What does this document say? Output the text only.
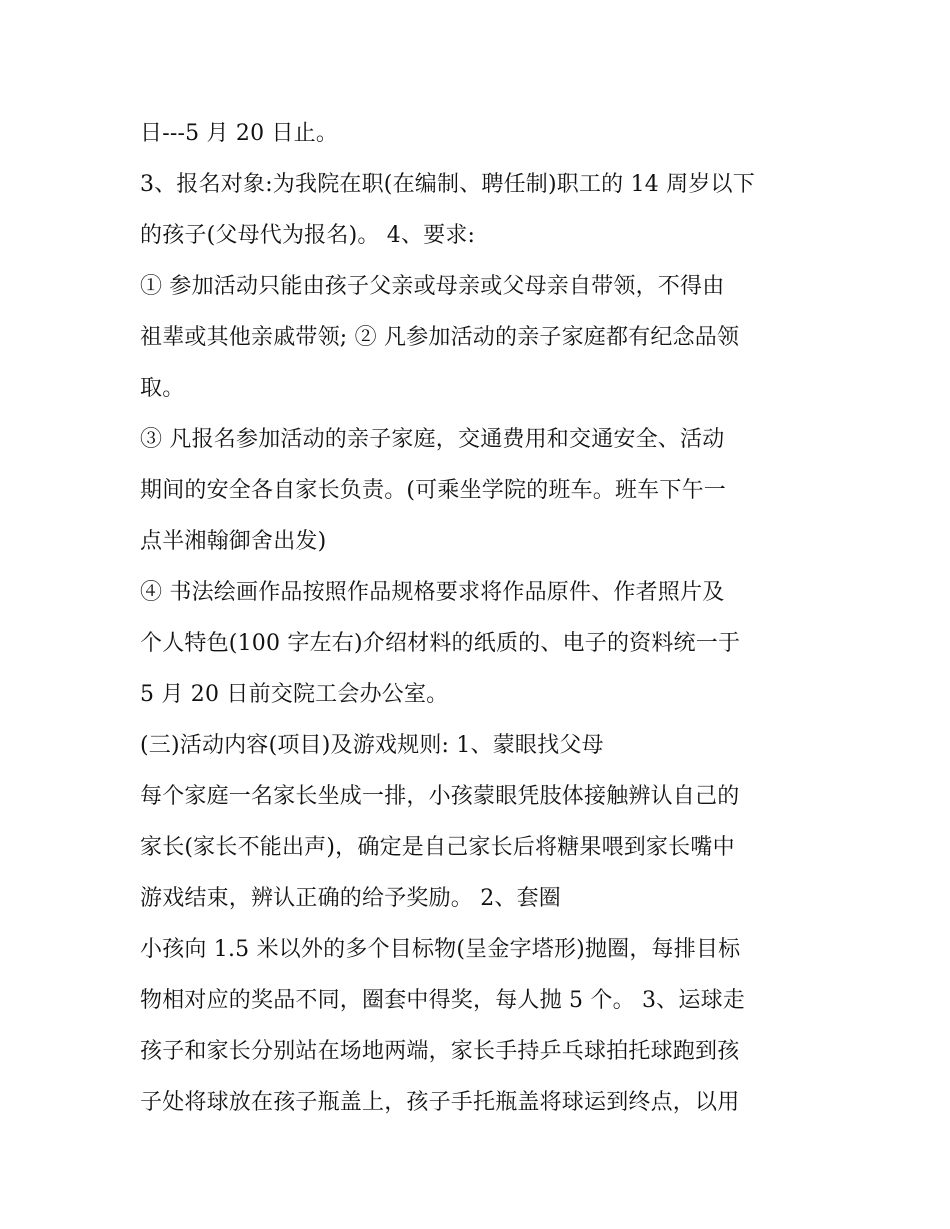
日---5 月 20 日止。
3、报名对象:为我院在职(在编制、聘任制)职工的 14 周岁以下
的孩子(父母代为报名)。 4、要求:
① 参加活动只能由孩子父亲或母亲或父母亲自带领，不得由
祖辈或其他亲戚带领; ② 凡参加活动的亲子家庭都有纪念品领
取。
③ 凡报名参加活动的亲子家庭，交通费用和交通安全、活动
期间的安全各自家长负责。(可乘坐学院的班车。班车下午一
点半湘翰御舍出发)
④ 书法绘画作品按照作品规格要求将作品原件、作者照片及
个人特色(100 字左右)介绍材料的纸质的、电子的资料统一于
5 月 20 日前交院工会办公室。
(三)活动内容(项目)及游戏规则: 1、蒙眼找父母
每个家庭一名家长坐成一排，小孩蒙眼凭肢体接触辨认自己的
家长(家长不能出声)，确定是自己家长后将糖果喂到家长嘴中
游戏结束，辨认正确的给予奖励。 2、套圈
小孩向 1.5 米以外的多个目标物(呈金字塔形)抛圈，每排目标
物相对应的奖品不同，圈套中得奖，每人抛 5 个。 3、运球走
孩子和家长分别站在场地两端，家长手持乒乓球拍托球跑到孩
子处将球放在孩子瓶盖上，孩子手托瓶盖将球运到终点，以用
